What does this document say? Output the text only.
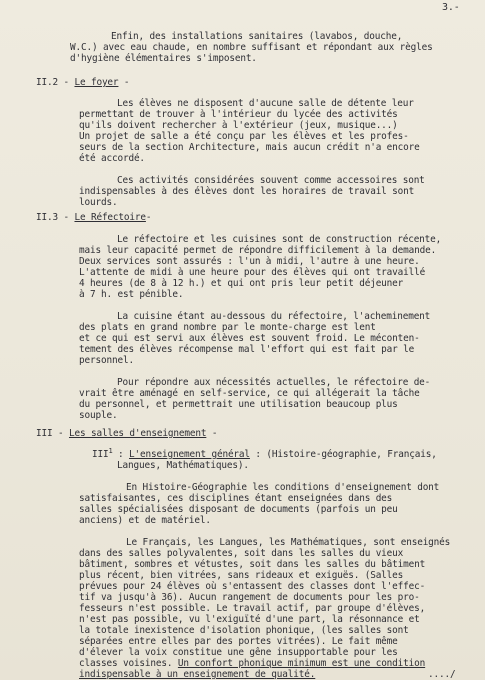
3.-
Enfin, des installations sanitaires (lavabos, douche,
W.C.) avec eau chaude, en nombre suffisant et répondant aux règles
d'hygiène élémentaires s'imposent.
II.2 - Le foyer -
Les élèves ne disposent d'aucune salle de détente leur
permettant de trouver à l'intérieur du lycée des activités
qu'ils doivent rechercher à l'extérieur (jeux, musique...)
Un projet de salle a été conçu par les élèves et les profes-
seurs de la section Architecture, mais aucun crédit n'a encore
été accordé.
Ces activités considérées souvent comme accessoires sont
indispensables à des élèves dont les horaires de travail sont
lourds.
II.3 - Le Réfectoire-
Le réfectoire et les cuisines sont de construction récente,
mais leur capacité permet de répondre difficilement à la demande.
Deux services sont assurés : l'un à midi, l'autre à une heure.
L'attente de midi à une heure pour des élèves qui ont travaillé
4 heures (de 8 à 12 h.) et qui ont pris leur petit déjeuner
à 7 h. est pénible.
La cuisine étant au-dessous du réfectoire, l'acheminement
des plats en grand nombre par le monte-charge est lent
et ce qui est servi aux élèves est souvent froid. Le méconten-
tement des élèves récompense mal l'effort qui est fait par le
personnel.
Pour répondre aux nécessités actuelles, le réfectoire de-
vrait être aménagé en self-service, ce qui allégerait la tâche
du personnel, et permettrait une utilisation beaucoup plus
souple.
III - Les salles d'enseignement -
III$^1$ : L'enseignement général : (Histoire-géographie, Français,
Langues, Mathématiques).
En Histoire-Géographie les conditions d'enseignement dont
satisfaisantes, ces disciplines étant enseignées dans des
salles spécialisées disposant de documents (parfois un peu
anciens) et de matériel.
Le Français, les Langues, les Mathématiques, sont enseignés
dans des salles polyvalentes, soit dans les salles du vieux
bâtiment, sombres et vétustes, soit dans les salles du bâtiment
plus récent, bien vitrées, sans rideaux et exiguës. (Salles
prévues pour 24 élèves où s'entassent des classes dont l'effec-
tif va jusqu'à 36). Aucun rangement de documents pour les pro-
fesseurs n'est possible. Le travail actif, par groupe d'élèves,
n'est pas possible, vu l'exiguïté d'une part, la résonnance et
la totale inexistence d'isolation phonique, (les salles sont
séparées entre elles par des portes vitrées). Le fait même
d'élever la voix constitue une gêne insupportable pour les
classes voisines. Un confort phonique minimum est une condition
indispensable à un enseignement de qualité.	..../
